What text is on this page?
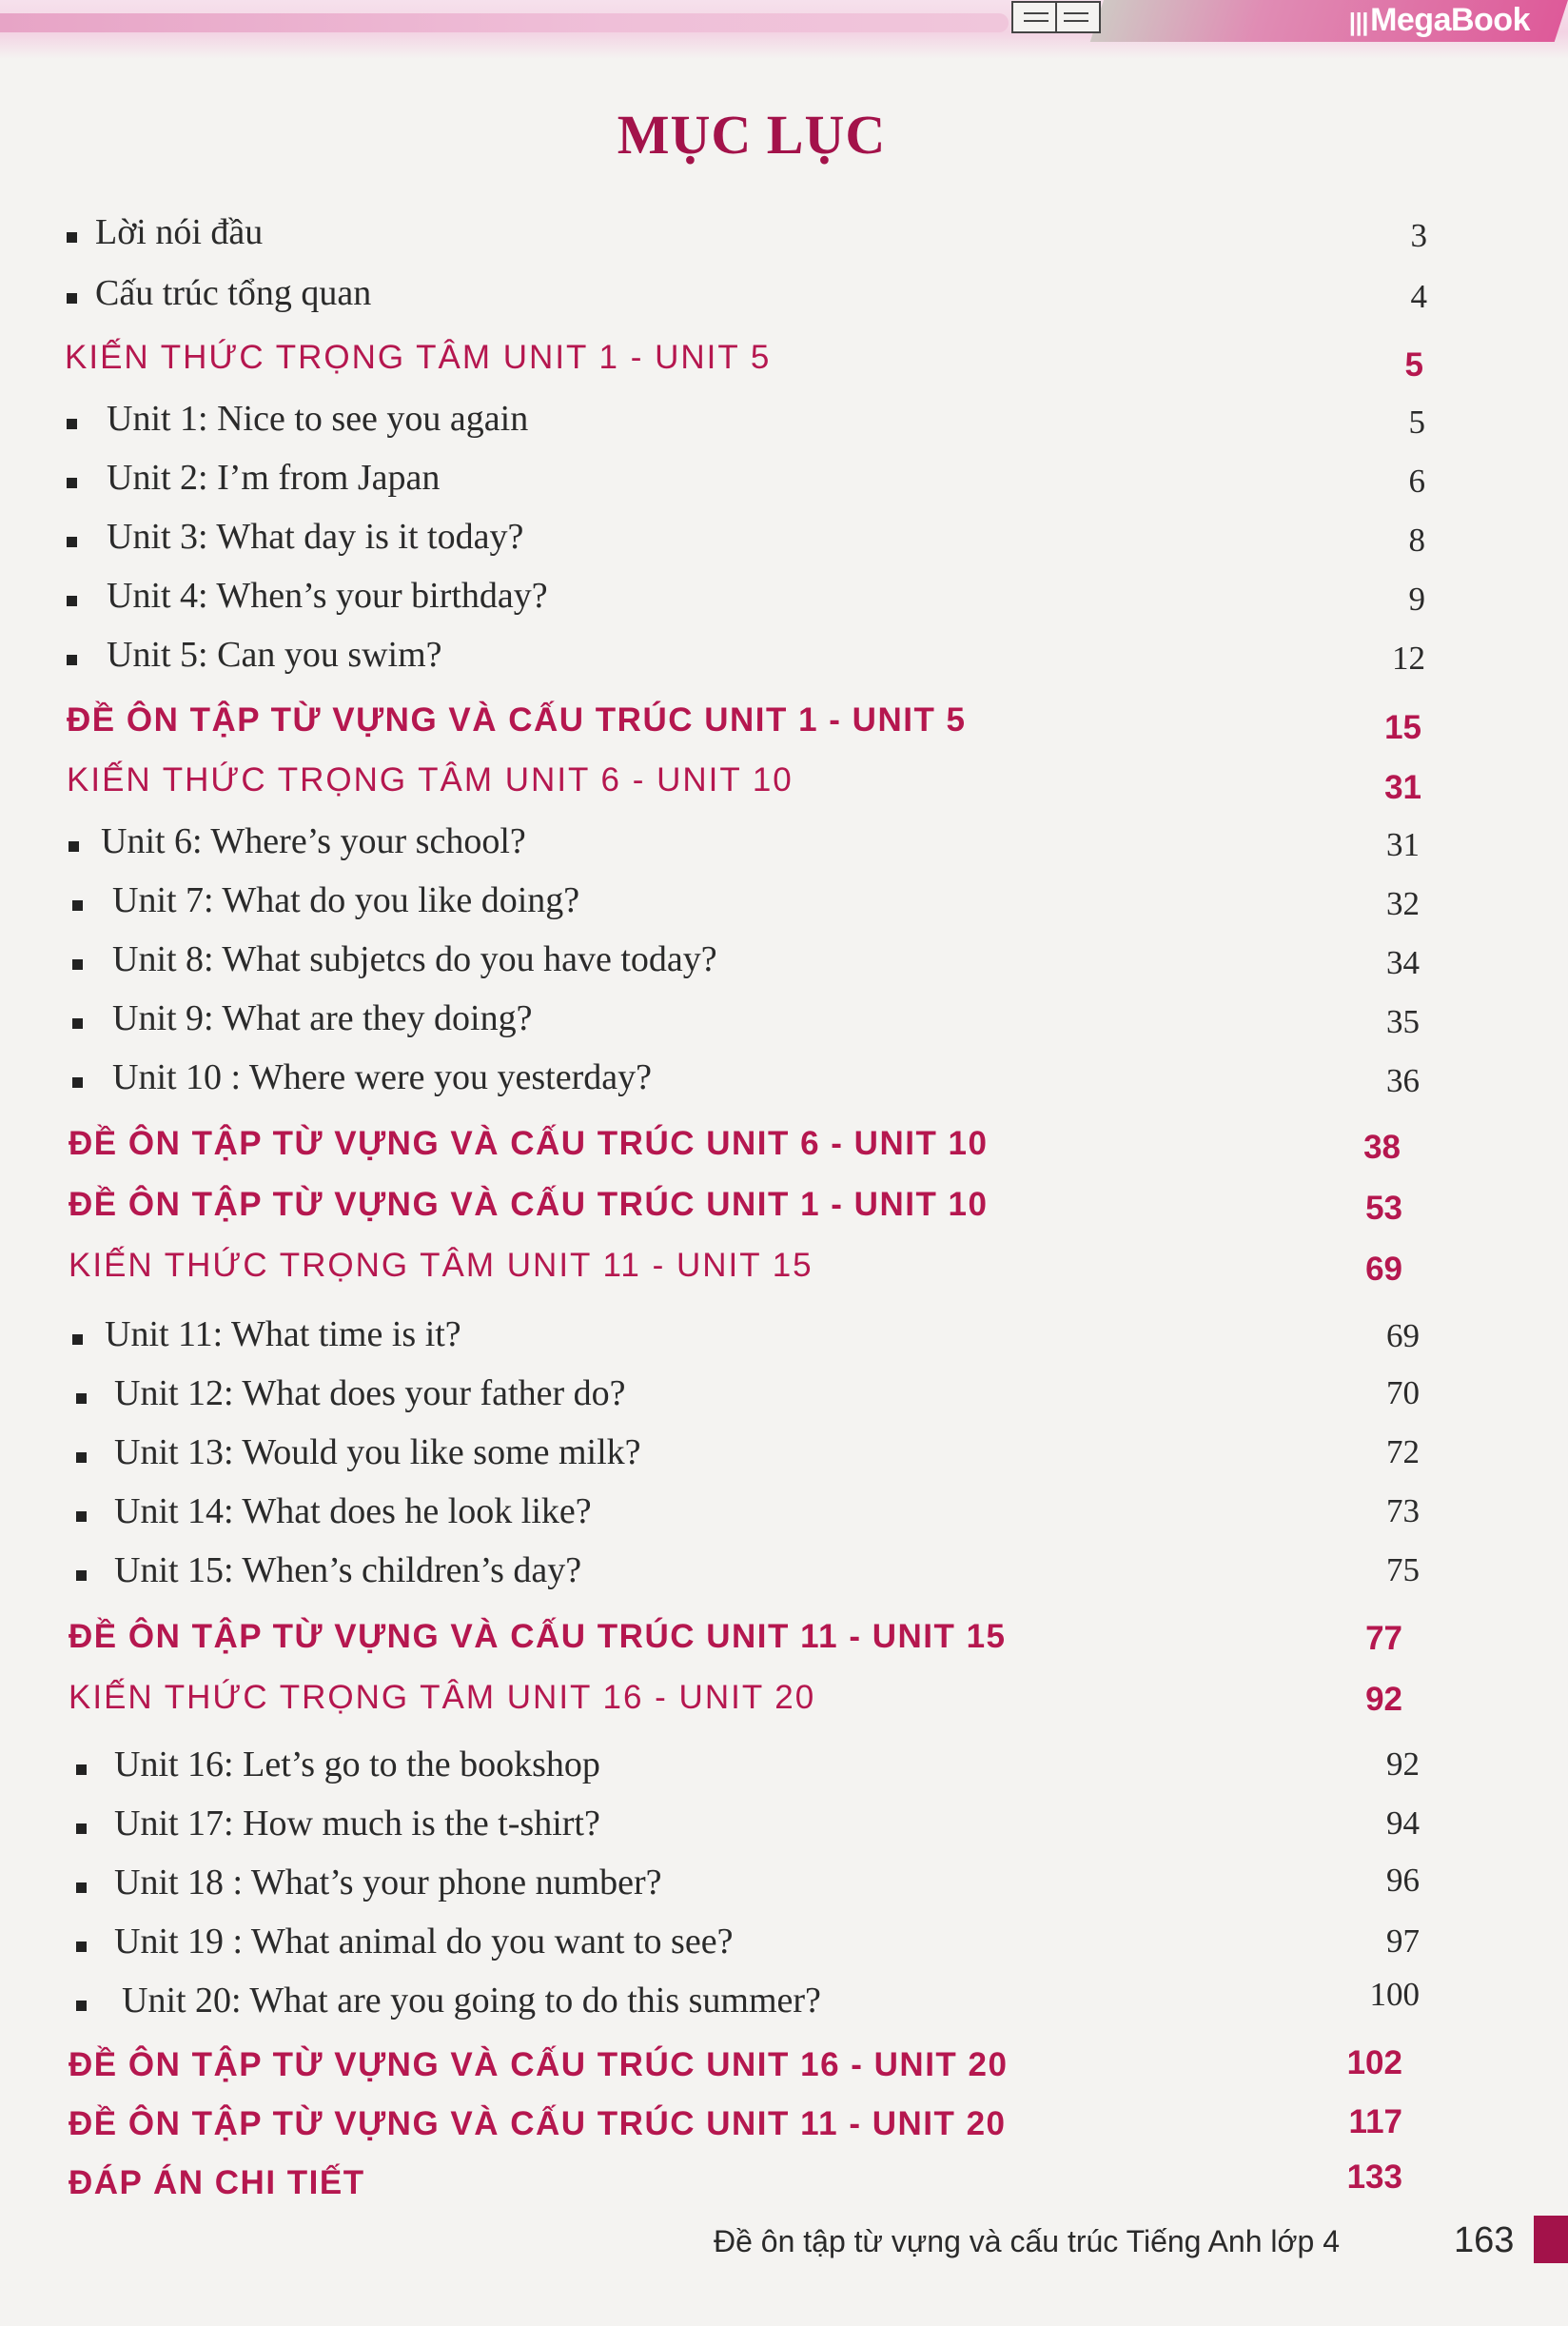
|||MegaBook
MỤC LỤC
Lời nói đầu	3
Cấu trúc tổng quan	4
KIẾN THỨC TRỌNG TÂM UNIT 1 - UNIT 5	5
Unit 1: Nice to see you again	5
Unit 2: I’m from Japan	6
Unit 3: What day is it today?	8
Unit 4: When’s your birthday?	9
Unit 5: Can you swim?	12
ĐỀ ÔN TẬP TỪ VỰNG VÀ CẤU TRÚC UNIT 1 - UNIT 5	15
KIẾN THỨC TRỌNG TÂM UNIT 6 - UNIT 10	31
Unit 6: Where’s your school?	31
Unit 7: What do you like doing?	32
Unit 8: What subjetcs do you have today?	34
Unit 9: What are they doing?	35
Unit 10 : Where were you yesterday?	36
ĐỀ ÔN TẬP TỪ VỰNG VÀ CẤU TRÚC UNIT 6 - UNIT 10	38
ĐỀ ÔN TẬP TỪ VỰNG VÀ CẤU TRÚC UNIT 1 - UNIT 10	53
KIẾN THỨC TRỌNG TÂM UNIT 11 - UNIT 15	69
Unit 11: What time is it?	69
Unit 12: What does your father do?	70
Unit 13: Would you like some milk?	72
Unit 14: What does he look like?	73
Unit 15: When’s children’s day?	75
ĐỀ ÔN TẬP TỪ VỰNG VÀ CẤU TRÚC UNIT 11 - UNIT 15	77
KIẾN THỨC TRỌNG TÂM UNIT 16 - UNIT 20	92
Unit 16: Let’s go to the bookshop	92
Unit 17: How much is the t-shirt?	94
Unit 18 : What’s your phone number?	96
Unit 19 : What animal do you want to see?	97
Unit 20: What are you going to do this summer?	100
ĐỀ ÔN TẬP TỪ VỰNG VÀ CẤU TRÚC UNIT 16 - UNIT 20	102
ĐỀ ÔN TẬP TỪ VỰNG VÀ CẤU TRÚC UNIT 11 - UNIT 20	117
ĐÁP ÁN CHI TIẾT	133
Đề ôn tập từ vựng và cấu trúc Tiếng Anh lớp 4	163
